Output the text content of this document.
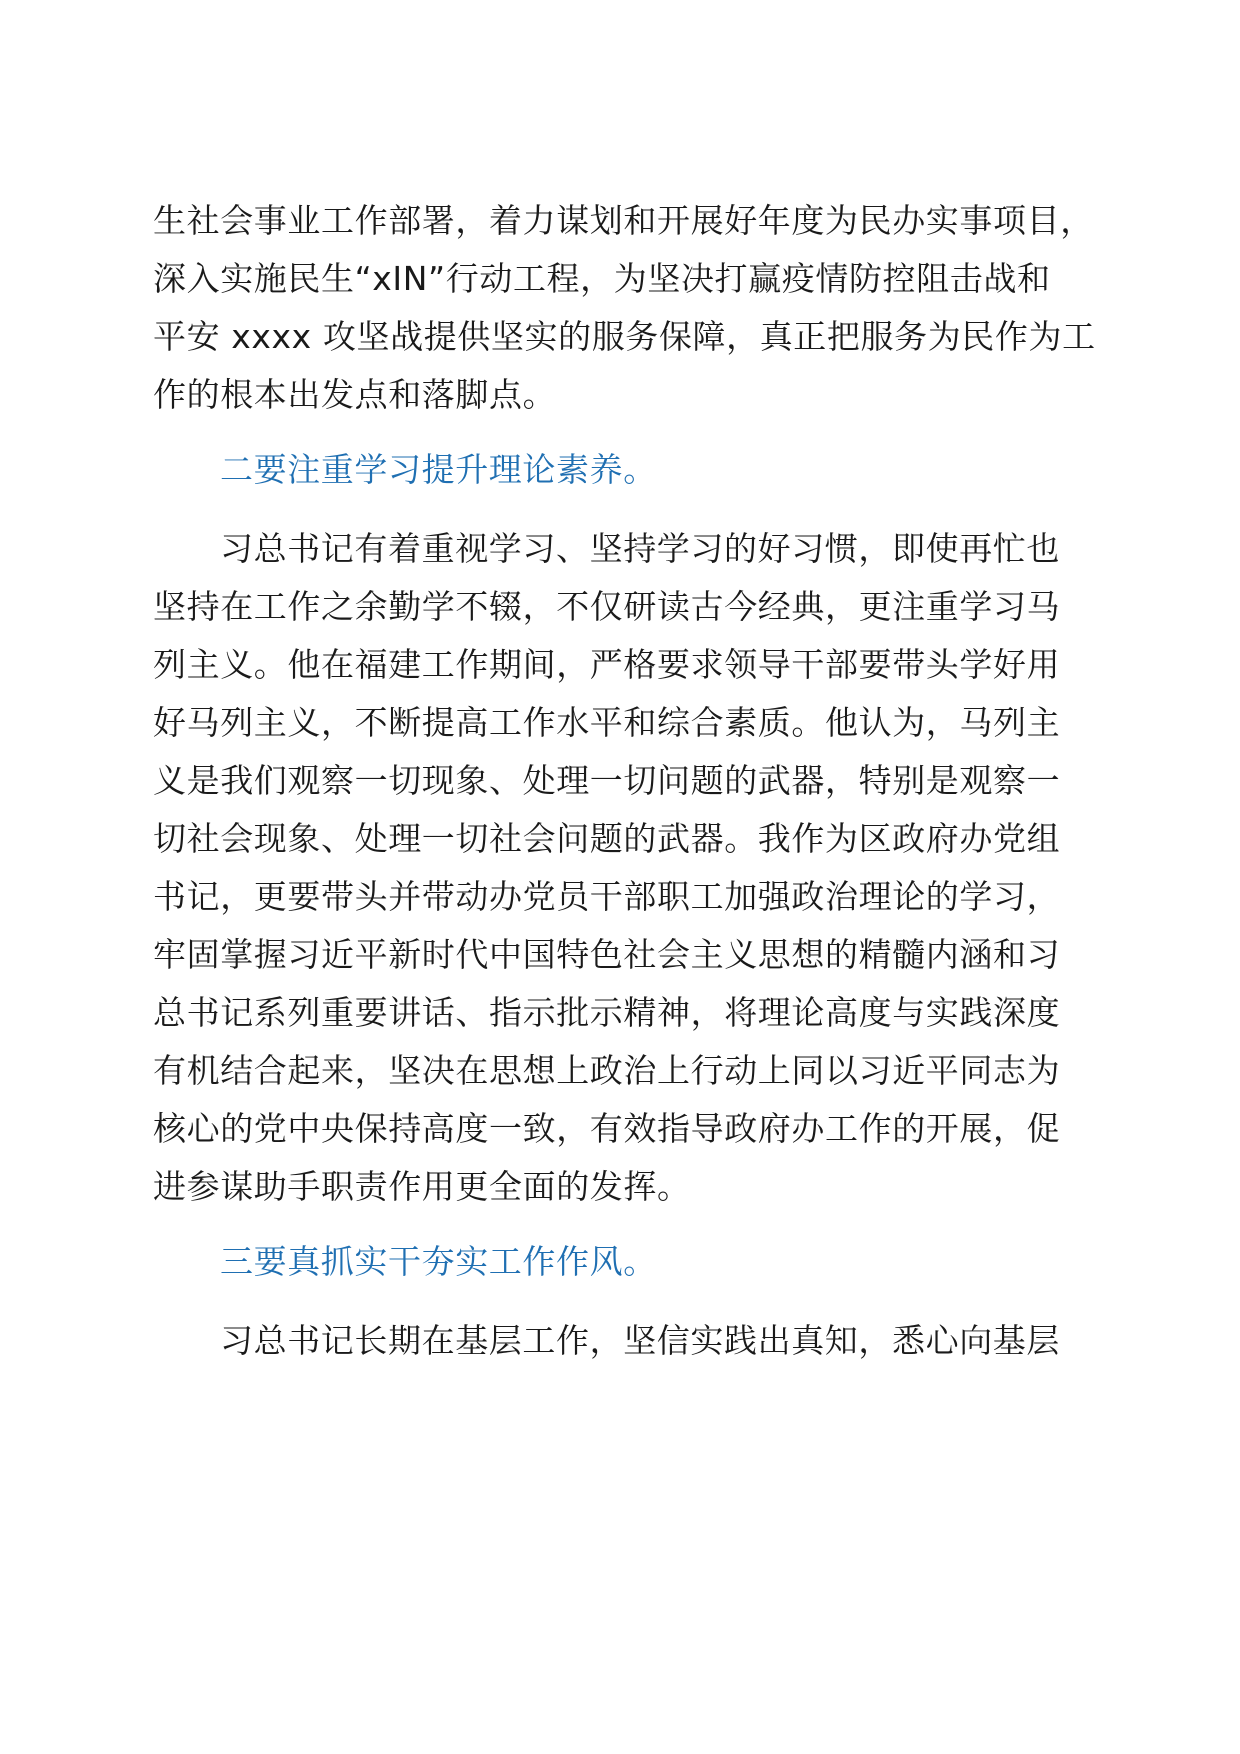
生社会事业工作部署，着力谋划和开展好年度为民办实事项目，
深入实施民生“xIN”行动工程，为坚决打赢疫情防控阻击战和
平安 xxxx 攻坚战提供坚实的服务保障，真正把服务为民作为工
作的根本出发点和落脚点。
二要注重学习提升理论素养。
习总书记有着重视学习、坚持学习的好习惯，即使再忙也
坚持在工作之余勤学不辍，不仅研读古今经典，更注重学习马
列主义。他在福建工作期间，严格要求领导干部要带头学好用
好马列主义，不断提高工作水平和综合素质。他认为，马列主
义是我们观察一切现象、处理一切问题的武器，特别是观察一
切社会现象、处理一切社会问题的武器。我作为区政府办党组
书记，更要带头并带动办党员干部职工加强政治理论的学习，
牢固掌握习近平新时代中国特色社会主义思想的精髓内涵和习
总书记系列重要讲话、指示批示精神，将理论高度与实践深度
有机结合起来，坚决在思想上政治上行动上同以习近平同志为
核心的党中央保持高度一致，有效指导政府办工作的开展，促
进参谋助手职责作用更全面的发挥。
三要真抓实干夯实工作作风。
习总书记长期在基层工作，坚信实践出真知，悉心向基层
